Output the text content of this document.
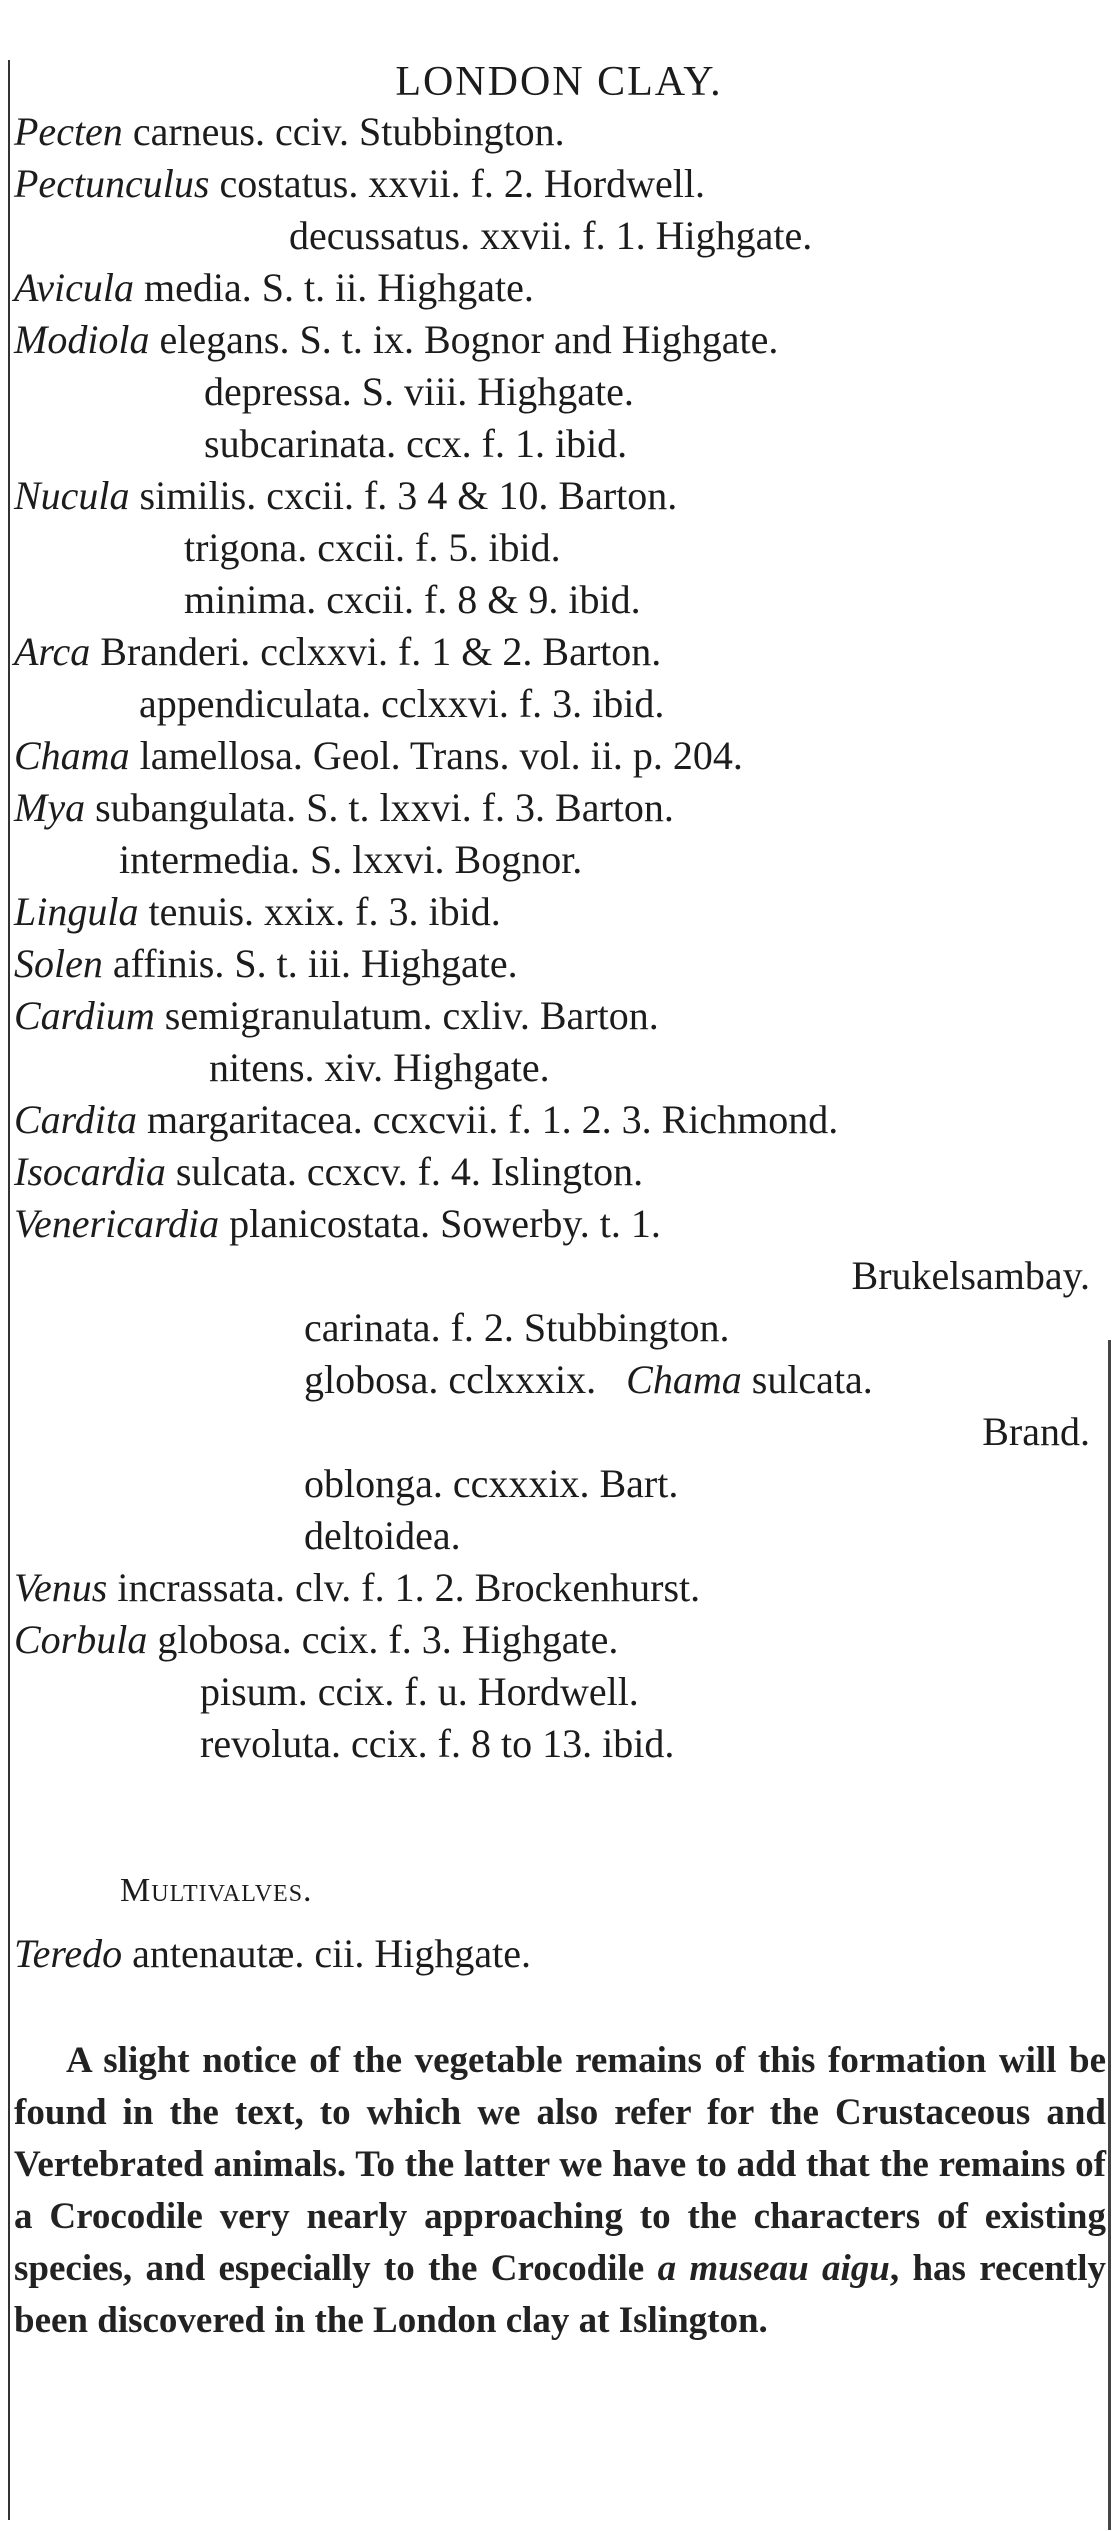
LONDON CLAY.
Pecten carneus. cciv. Stubbington.
Pectunculus costatus. xxvii. f. 2. Hordwell.
decussatus. xxvii. f. 1. Highgate.
Avicula media. S. t. ii. Highgate.
Modiola elegans. S. t. ix. Bognor and Highgate.
depressa. S. viii. Highgate.
subcarinata. ccx. f. 1. ibid.
Nucula similis. cxcii. f. 3 4 & 10. Barton.
trigona. cxcii. f. 5. ibid.
minima. cxcii. f. 8 & 9. ibid.
Arca Branderi. cclxxvi. f. 1 & 2. Barton.
appendiculata. cclxxvi. f. 3. ibid.
Chama lamellosa. Geol. Trans. vol. ii. p. 204.
Mya subangulata. S. t. lxxvi. f. 3. Barton.
intermedia. S. lxxvi. Bognor.
Lingula tenuis. xxix. f. 3. ibid.
Solen affinis. S. t. iii. Highgate.
Cardium semigranulatum. cxliv. Barton.
nitens. xiv. Highgate.
Cardita margaritacea. ccxcvii. f. 1. 2. 3. Richmond.
Isocardia sulcata. ccxcv. f. 4. Islington.
Venericardia planicostata. Sowerby. t. 1.
Brukelsambay.
carinata. f. 2. Stubbington.
globosa. cclxxxix. Chama sulcata.
Brand.
oblonga. ccxxxix. Bart.
deltoidea.
Venus incrassata. clv. f. 1. 2. Brockenhurst.
Corbula globosa. ccix. f. 3. Highgate.
pisum. ccix. f. u. Hordwell.
revoluta. ccix. f. 8 to 13. ibid.
Multivalves.
Teredo antenautæ. cii. Highgate.
A slight notice of the vegetable remains of this formation will be found in the text, to which we also refer for the Crustaceous and Vertebrated animals. To the latter we have to add that the remains of a Crocodile very nearly approaching to the characters of existing species, and especially to the Crocodile a museau aigu, has recently been discovered in the London clay at Islington.
